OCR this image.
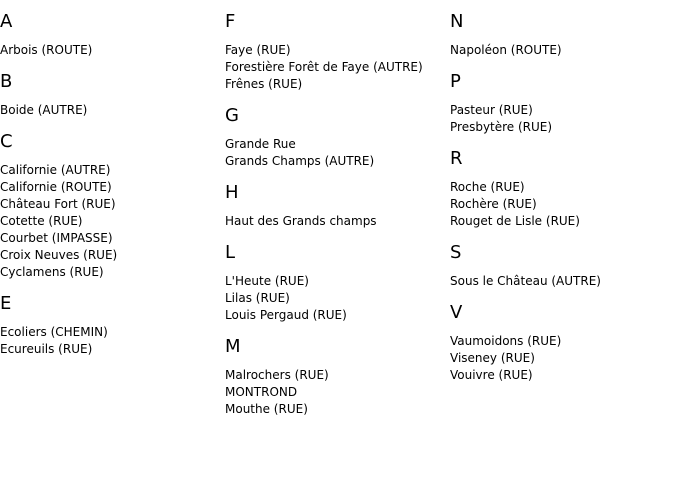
A
Arbois (ROUTE)
B
Boide (AUTRE)
C
Californie (AUTRE)
Californie (ROUTE)
Château Fort (RUE)
Cotette (RUE)
Courbet (IMPASSE)
Croix Neuves (RUE)
Cyclamens (RUE)
E
Ecoliers (CHEMIN)
Ecureuils (RUE)
F
Faye (RUE)
Forestière Forêt de Faye (AUTRE)
Frênes (RUE)
G
Grande Rue
Grands Champs (AUTRE)
H
Haut des Grands champs
L
L'Heute (RUE)
Lilas (RUE)
Louis Pergaud (RUE)
M
Malrochers (RUE)
MONTROND
Mouthe (RUE)
N
Napoléon (ROUTE)
P
Pasteur (RUE)
Presbytère (RUE)
R
Roche (RUE)
Rochère (RUE)
Rouget de Lisle (RUE)
S
Sous le Château (AUTRE)
V
Vaumoidons (RUE)
Viseney (RUE)
Vouivre (RUE)
